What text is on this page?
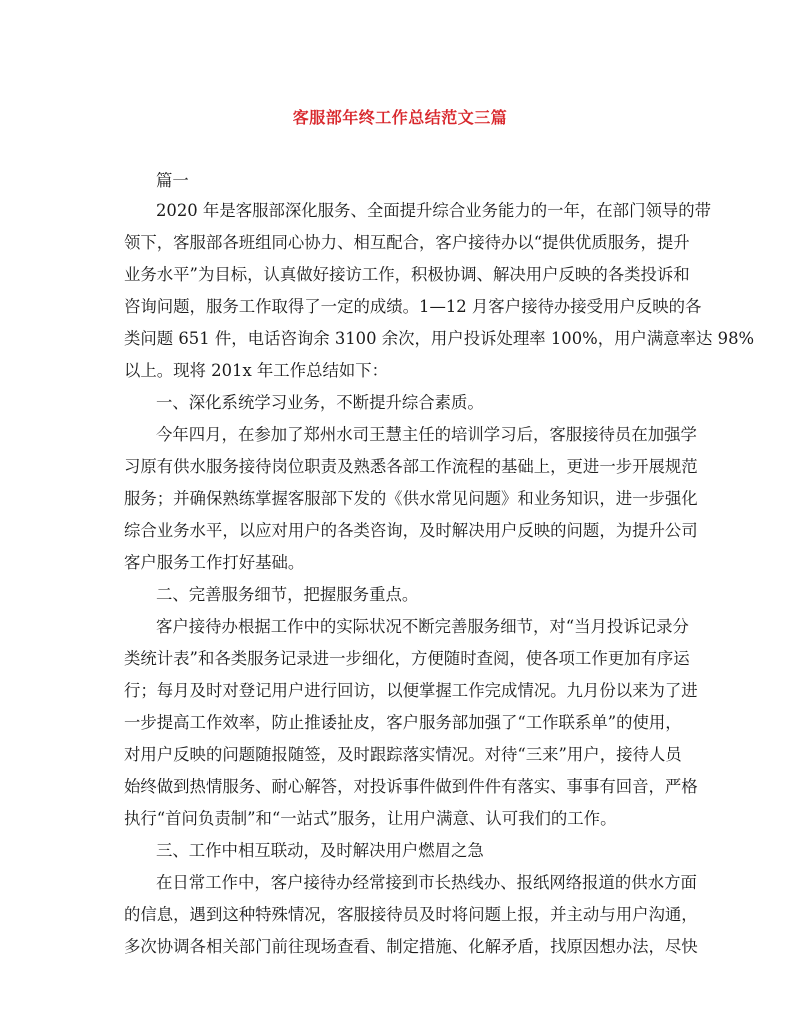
客服部年终工作总结范文三篇
篇一
2020 年是客服部深化服务、全面提升综合业务能力的一年，在部门领导的带
领下，客服部各班组同心协力、相互配合，客户接待办以“提供优质服务，提升
业务水平”为目标，认真做好接访工作，积极协调、解决用户反映的各类投诉和
咨询问题，服务工作取得了一定的成绩。1—12 月客户接待办接受用户反映的各
类问题 651 件，电话咨询余 3100 余次，用户投诉处理率 100%，用户满意率达 98%
以上。现将 201x 年工作总结如下：
一、深化系统学习业务，不断提升综合素质。
今年四月，在参加了郑州水司王慧主任的培训学习后，客服接待员在加强学
习原有供水服务接待岗位职责及熟悉各部工作流程的基础上，更进一步开展规范
服务；并确保熟练掌握客服部下发的《供水常见问题》和业务知识，进一步强化
综合业务水平，以应对用户的各类咨询，及时解决用户反映的问题，为提升公司
客户服务工作打好基础。
二、完善服务细节，把握服务重点。
客户接待办根据工作中的实际状况不断完善服务细节，对“当月投诉记录分
类统计表”和各类服务记录进一步细化，方便随时查阅，使各项工作更加有序运
行；每月及时对登记用户进行回访，以便掌握工作完成情况。九月份以来为了进
一步提高工作效率，防止推诿扯皮，客户服务部加强了“工作联系单”的使用，
对用户反映的问题随报随签，及时跟踪落实情况。对待“三来”用户，接待人员
始终做到热情服务、耐心解答，对投诉事件做到件件有落实、事事有回音，严格
执行“首问负责制”和“一站式”服务，让用户满意、认可我们的工作。
三、工作中相互联动，及时解决用户燃眉之急
在日常工作中，客户接待办经常接到市长热线办、报纸网络报道的供水方面
的信息，遇到这种特殊情况，客服接待员及时将问题上报，并主动与用户沟通，
多次协调各相关部门前往现场查看、制定措施、化解矛盾，找原因想办法，尽快
